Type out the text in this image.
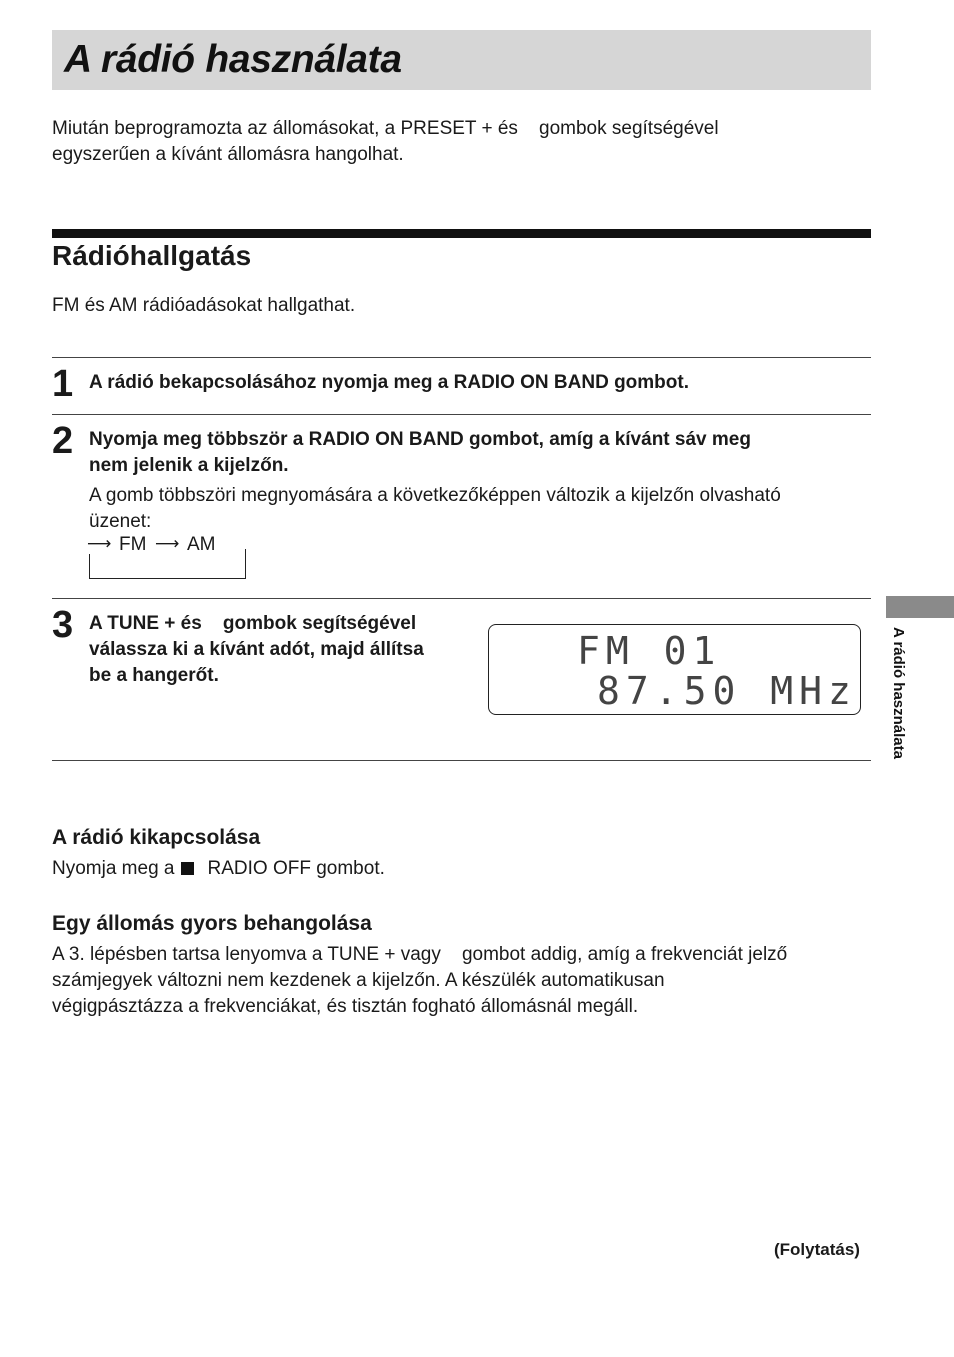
A rádió használata

Miután beprogramozta az állomásokat, a PRESET + és    gombok segítségével
egyszerűen a kívánt állomásra hangolhat.

Rádióhallgatás

FM és AM rádióadásokat hallgathat.

1 A rádió bekapcsolásához nyomja meg a RADIO ON BAND gombot.

2 Nyomja meg többször a RADIO ON BAND gombot, amíg a kívánt sáv meg
nem jelenik a kijelzőn.

A gomb többszöri megnyomására a következőképpen változik a kijelzőn olvasható
üzenet:

⟶ FM ⟶ AM
3 A TUNE + és    gombok segítségével
válassza ki a kívánt adót, majd állítsa
be a hangerőt.

FM 01
87.50 MHz
A rádió kikapcsolása

Nyomja meg a RADIO OFF gombot.

Egy állomás gyors behangolása

A 3. lépésben tartsa lenyomva a TUNE + vagy    gombot addig, amíg a frekvenciát jelző
számjegyek változni nem kezdenek a kijelzőn. A készülék automatikusan
végigpásztázza a frekvenciákat, és tisztán fogható állomásnál megáll.

A rádió használata
(Folytatás)
